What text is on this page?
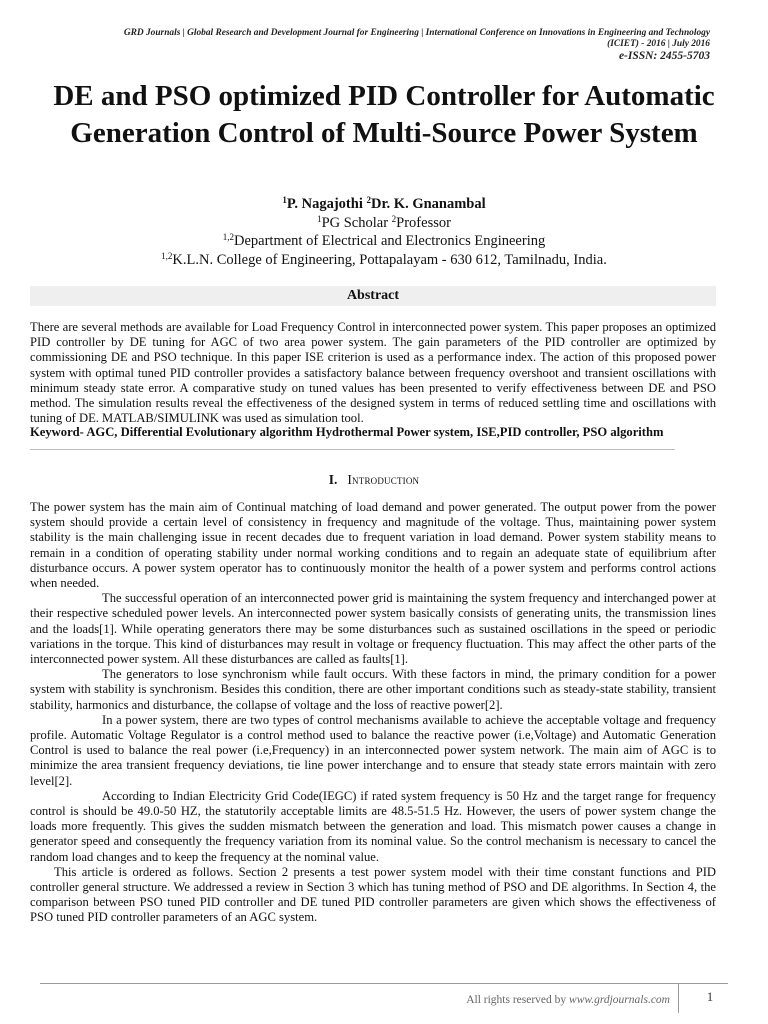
GRD Journals | Global Research and Development Journal for Engineering | International Conference on Innovations in Engineering and Technology
(ICIET) - 2016 | July 2016
e-ISSN: 2455-5703
DE and PSO optimized PID Controller for Automatic Generation Control of Multi-Source Power System
$^1$P. Nagajothi $^2$Dr. K. Gnanambal
$^1$PG Scholar $^2$Professor
$^{1,2}$Department of Electrical and Electronics Engineering
$^{1,2}$K.L.N. College of Engineering, Pottapalayam - 630 612, Tamilnadu, India.
Abstract
There are several methods are available for Load Frequency Control in interconnected power system. This paper proposes an optimized PID controller by DE tuning for AGC of two area power system. The gain parameters of the PID controller are optimized by commissioning DE and PSO technique. In this paper ISE criterion is used as a performance index. The action of this proposed power system with optimal tuned PID controller provides a satisfactory balance between frequency overshoot and transient oscillations with minimum steady state error. A comparative study on tuned values has been presented to verify effectiveness between DE and PSO method. The simulation results reveal the effectiveness of the designed system in terms of reduced settling time and oscillations with tuning of DE. MATLAB/SIMULINK was used as simulation tool.
Keyword- AGC, Differential Evolutionary algorithm Hydrothermal Power system, ISE,PID controller, PSO algorithm
I. Introduction

The power system has the main aim of Continual matching of load demand and power generated. The output power from the power system should provide a certain level of consistency in frequency and magnitude of the voltage. Thus, maintaining power system stability is the main challenging issue in recent decades due to frequent variation in load demand. Power system stability means to remain in a condition of operating stability under normal working conditions and to regain an adequate state of equilibrium after disturbance occurs. A power system operator has to continuously monitor the health of a power system and performs control actions when needed.

The successful operation of an interconnected power grid is maintaining the system frequency and interchanged power at their respective scheduled power levels. An interconnected power system basically consists of generating units, the transmission lines and the loads[1]. While operating generators there may be some disturbances such as sustained oscillations in the speed or periodic variations in the torque. This kind of disturbances may result in voltage or frequency fluctuation. This may affect the other parts of the interconnected power system. All these disturbances are called as faults[1].

The generators to lose synchronism while fault occurs. With these factors in mind, the primary condition for a power system with stability is synchronism. Besides this condition, there are other important conditions such as steady-state stability, transient stability, harmonics and disturbance, the collapse of voltage and the loss of reactive power[2].

In a power system, there are two types of control mechanisms available to achieve the acceptable voltage and frequency profile. Automatic Voltage Regulator is a control method used to balance the reactive power (i.e,Voltage) and Automatic Generation Control is used to balance the real power (i.e,Frequency) in an interconnected power system network. The main aim of AGC is to minimize the area transient frequency deviations, tie line power interchange and to ensure that steady state errors maintain with zero level[2].

According to Indian Electricity Grid Code(IEGC) if rated system frequency is 50 Hz and the target range for frequency control is should be 49.0-50 HZ, the statutorily acceptable limits are 48.5-51.5 Hz. However, the users of power system change the loads more frequently. This gives the sudden mismatch between the generation and load. This mismatch power causes a change in generator speed and consequently the frequency variation from its nominal value. So the control mechanism is necessary to cancel the random load changes and to keep the frequency at the nominal value.

This article is ordered as follows. Section 2 presents a test power system model with their time constant functions and PID controller general structure. We addressed a review in Section 3 which has tuning method of PSO and DE algorithms. In Section 4, the comparison between PSO tuned PID controller and DE tuned PID controller parameters are given which shows the effectiveness of PSO tuned PID controller parameters of an AGC system.

All rights reserved by www.grdjournals.com	1
